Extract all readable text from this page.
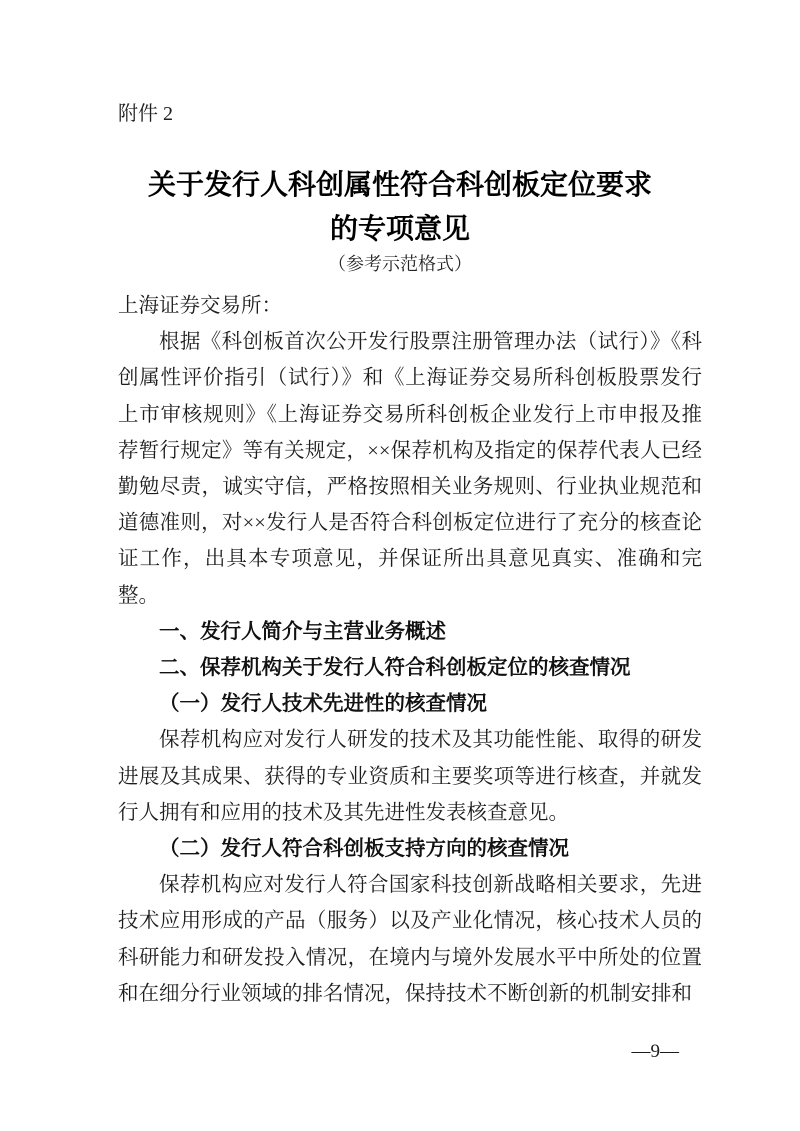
附件 2
关于发行人科创属性符合科创板定位要求
的专项意见
（参考示范格式）

上海证券交易所：

根据《科创板首次公开发行股票注册管理办法（试行）》《科创属性评价指引（试行）》和《上海证券交易所科创板股票发行上市审核规则》《上海证券交易所科创板企业发行上市申报及推荐暂行规定》等有关规定，××保荐机构及指定的保荐代表人已经勤勉尽责，诚实守信，严格按照相关业务规则、行业执业规范和道德准则，对××发行人是否符合科创板定位进行了充分的核查论证工作，出具本专项意见，并保证所出具意见真实、准确和完整。

一、发行人简介与主营业务概述

二、保荐机构关于发行人符合科创板定位的核查情况

（一）发行人技术先进性的核查情况

保荐机构应对发行人研发的技术及其功能性能、取得的研发进展及其成果、获得的专业资质和主要奖项等进行核查，并就发行人拥有和应用的技术及其先进性发表核查意见。

（二）发行人符合科创板支持方向的核查情况

保荐机构应对发行人符合国家科技创新战略相关要求，先进技术应用形成的产品（服务）以及产业化情况，核心技术人员的科研能力和研发投入情况，在境内与境外发展水平中所处的位置和在细分行业领域的排名情况，保持技术不断创新的机制安排和

—9—
